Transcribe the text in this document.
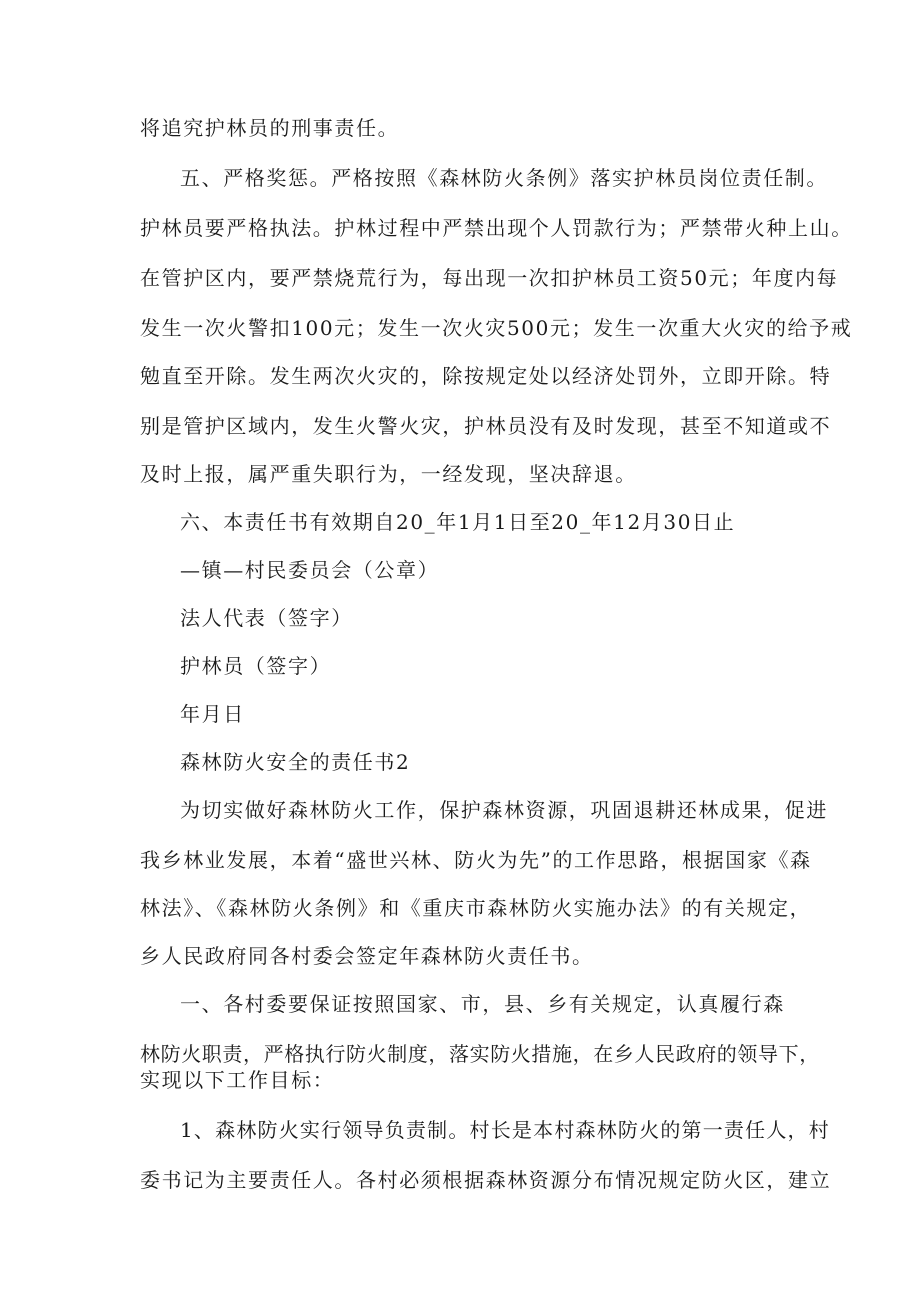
将追究护林员的刑事责任。

五、严格奖惩。严格按照《森林防火条例》落实护林员岗位责任制。

护林员要严格执法。护林过程中严禁出现个人罚款行为；严禁带火种上山。

在管护区内，要严禁烧荒行为，每出现一次扣护林员工资50元；年度内每

发生一次火警扣100元；发生一次火灾500元；发生一次重大火灾的给予戒

勉直至开除。发生两次火灾的，除按规定处以经济处罚外，立即开除。特

别是管护区域内，发生火警火灾，护林员没有及时发现，甚至不知道或不

及时上报，属严重失职行为，一经发现，坚决辞退。

六、本责任书有效期自20_年1月1日至20_年12月30日止

—镇—村民委员会（公章）

法人代表（签字）

护林员（签字）

年月日

森林防火安全的责任书2

为切实做好森林防火工作，保护森林资源，巩固退耕还林成果，促进

我乡林业发展，本着“盛世兴林、防火为先”的工作思路，根据国家《森

林法》、《森林防火条例》和《重庆市森林防火实施办法》的有关规定，

乡人民政府同各村委会签定年森林防火责任书。

一、各村委要保证按照国家、市，县、乡有关规定，认真履行森

林防火职责，严格执行防火制度，落实防火措施，在乡人民政府的领导下，

实现以下工作目标：

1、森林防火实行领导负责制。村长是本村森林防火的第一责任人，村

委书记为主要责任人。各村必须根据森林资源分布情况规定防火区，建立
